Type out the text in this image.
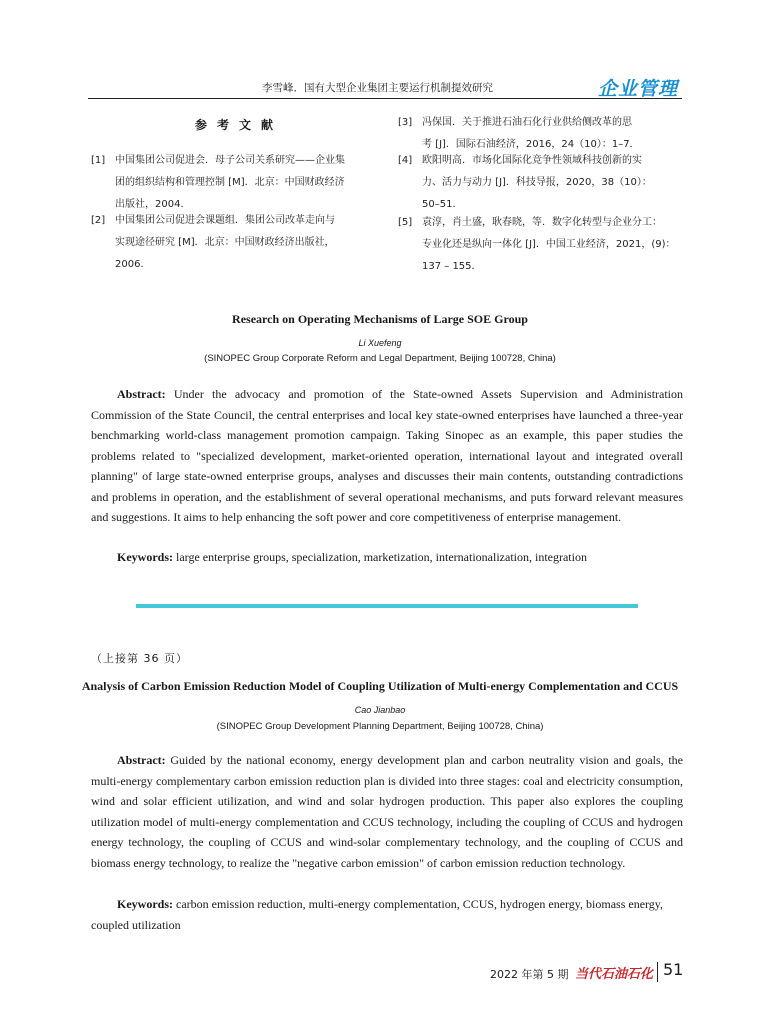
李雪峰．国有大型企业集团主要运行机制提效研究	企业管理
参考文献
[1] 中国集团公司促进会．母子公司关系研究——企业集
团的组织结构和管理控制 [M]．北京：中国财政经济
出版社，2004．
[2] 中国集团公司促进会课题组．集团公司改革走向与
实现途径研究 [M]．北京：中国财政经济出版社，
2006．
[3] 冯保国．关于推进石油石化行业供给侧改革的思
考 [J]．国际石油经济，2016，24（10）：1–7．
[4] 欧阳明高．市场化国际化竞争性领域科技创新的实
力、活力与动力 [J]．科技导报，2020，38（10）：
50–51．
[5] 袁淳，肖土盛，耿春晓，等．数字化转型与企业分工：
专业化还是纵向一体化 [J]．中国工业经济，2021，(9)：
137 – 155．
Research on Operating Mechanisms of Large SOE Group
Li Xuefeng
(SINOPEC Group Corporate Reform and Legal Department, Beijing 100728, China)

Abstract: Under the advocacy and promotion of the State-owned Assets Supervision and Administration Commission of the State Council, the central enterprises and local key state-owned enterprises have launched a three-year benchmarking world-class management promotion campaign. Taking Sinopec as an example, this paper studies the problems related to "specialized development, market-oriented operation, international layout and integrated overall planning" of large state-owned enterprise groups, analyses and discusses their main contents, outstanding contradictions and problems in operation, and the establishment of several operational mechanisms, and puts forward relevant measures and suggestions. It aims to help enhancing the soft power and core competitiveness of enterprise management.

Keywords: large enterprise groups, specialization, marketization, internationalization, integration

（上接第 36 页）
Analysis of Carbon Emission Reduction Model of Coupling Utilization of Multi-energy Complementation and CCUS
Cao Jianbao
(SINOPEC Group Development Planning Department, Beijing 100728, China)

Abstract: Guided by the national economy, energy development plan and carbon neutrality vision and goals, the multi-energy complementary carbon emission reduction plan is divided into three stages: coal and electricity consumption, wind and solar efficient utilization, and wind and solar hydrogen production. This paper also explores the coupling utilization model of multi-energy complementation and CCUS technology, including the coupling of CCUS and hydrogen energy technology, the coupling of CCUS and wind-solar complementary technology, and the coupling of CCUS and biomass energy technology, to realize the "negative carbon emission" of carbon emission reduction technology.

Keywords: carbon emission reduction, multi-energy complementation, CCUS, hydrogen energy, biomass energy, coupled utilization

2022 年第 5 期 当代石油石化 51
